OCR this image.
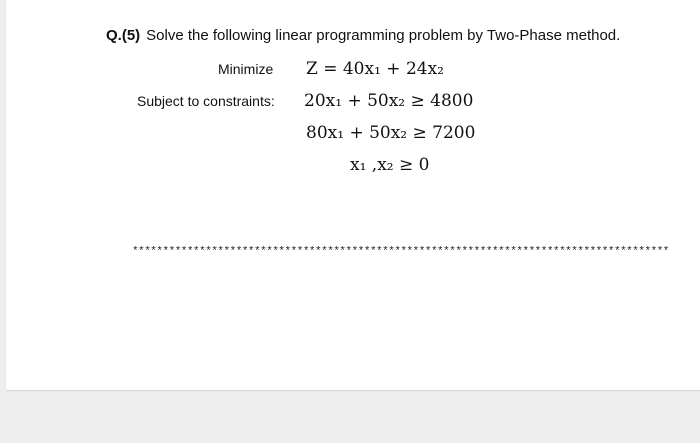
Q.(5) Solve the following linear programming problem by Two-Phase method.
Minimize Z = 40x₁ + 24x₂
Subject to constraints: 20x₁ + 50x₂ ≥ 4800
80x₁ + 50x₂ ≥ 7200
x₁ ,x₂ ≥ 0
****************************************************************************************
